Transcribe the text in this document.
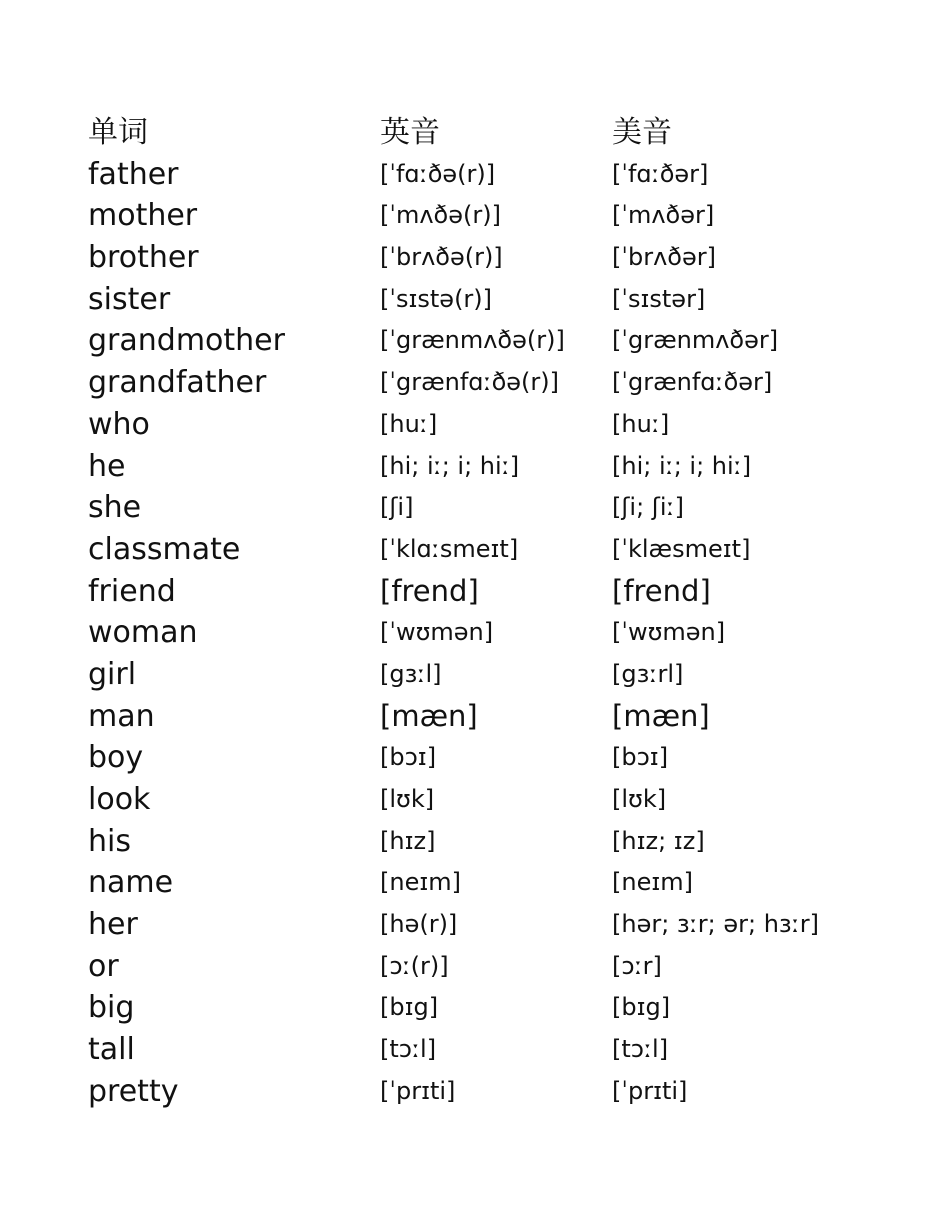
单词	英音	美音
father	[ˈfɑːðə(r)]	[ˈfɑːðər]
mother	[ˈmʌðə(r)]	[ˈmʌðər]
brother	[ˈbrʌðə(r)]	[ˈbrʌðər]
sister	[ˈsɪstə(r)]	[ˈsɪstər]
grandmother	[ˈgrænmʌðə(r)] [ˈgrænmʌðər]
grandfather	[ˈgrænfɑːðə(r)] [ˈgrænfɑːðər]
who	[huː]	[huː]
he	[hi; iː; i; hiː]	[hi; iː; i; hiː]
she	[ʃi]	[ʃi; ʃiː]
classmate	[ˈklɑːsmeɪt]	[ˈklæsmeɪt]
friend	[frend]	[frend]
woman	[ˈwʊmən]	[ˈwʊmən]
girl	[gɜːl]	[gɜːrl]
man	[mæn]	[mæn]
boy	[bɔɪ]	[bɔɪ]
look	[lʊk]	[lʊk]
his	[hɪz]	[hɪz; ɪz]
name	[neɪm]	[neɪm]
her	[hə(r)]	[hər; ɜːr; ər; hɜːr]
or	[ɔː(r)]	[ɔːr]
big	[bɪg]	[bɪg]
tall	[tɔːl]	[tɔːl]
pretty	[ˈprɪti]	[ˈprɪti]
